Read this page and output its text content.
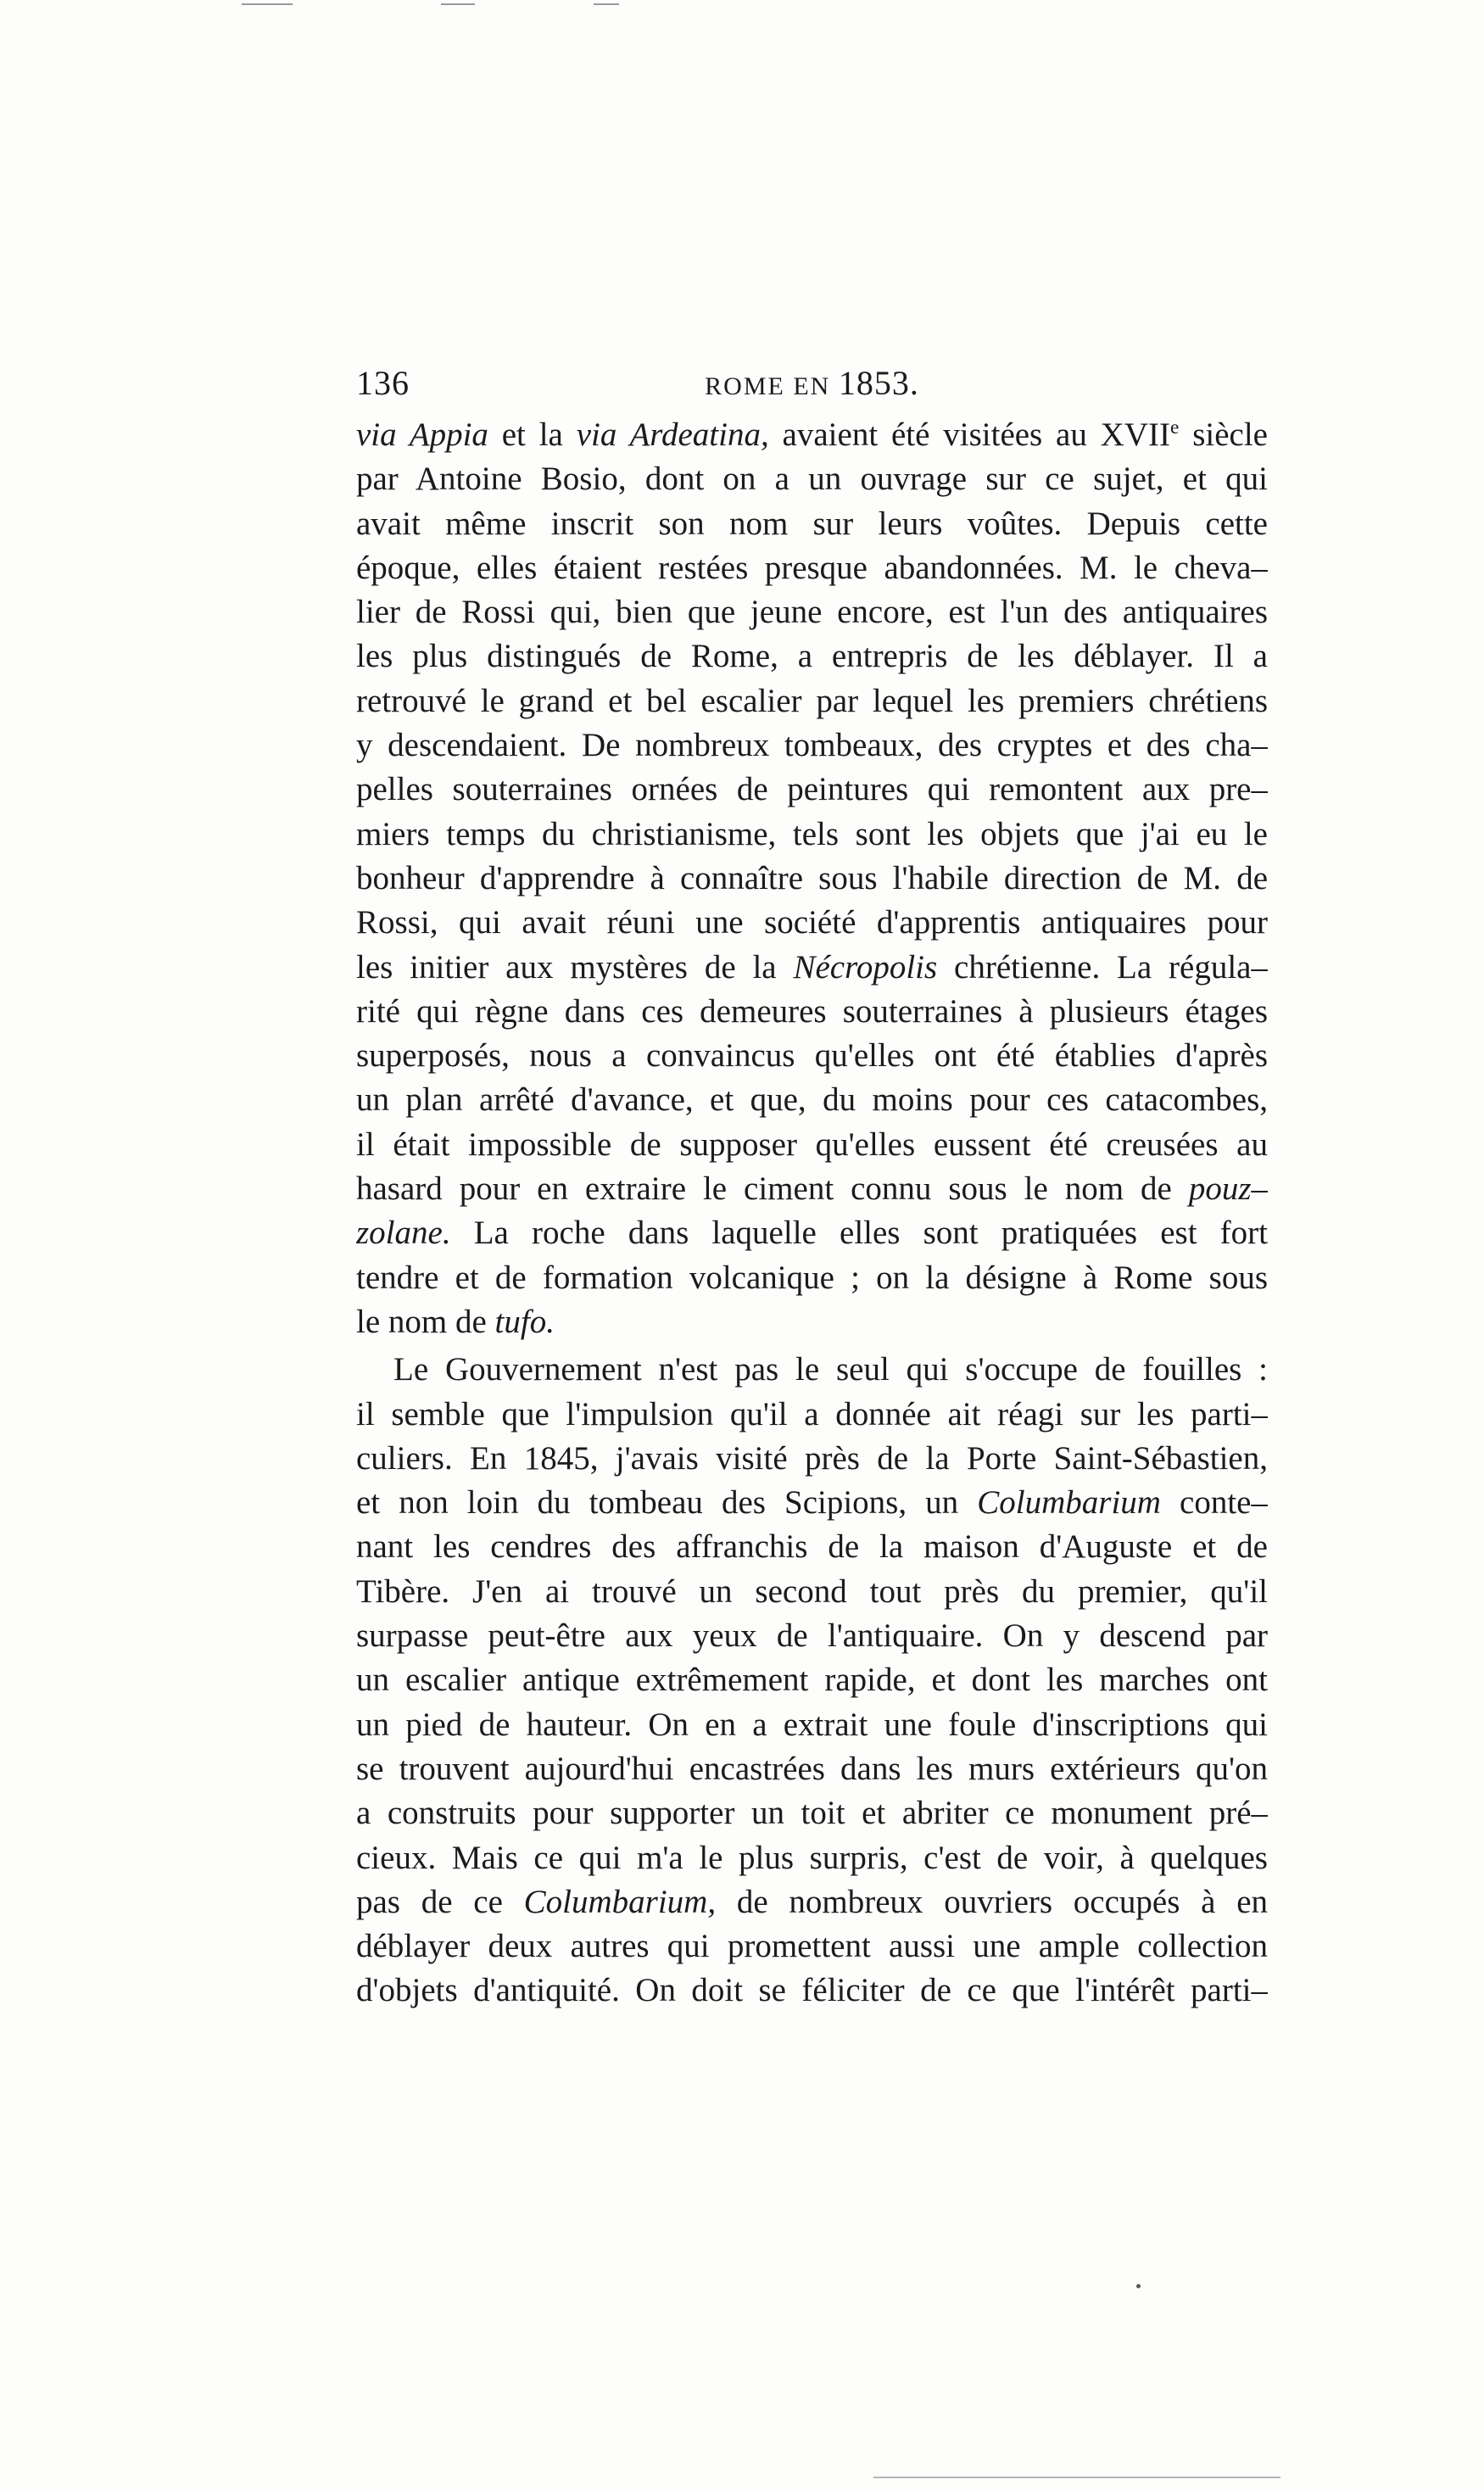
136	ROME EN 1853.
via Appia et la via Ardeatina, avaient été visitées au XVIIe siècle
par Antoine Bosio, dont on a un ouvrage sur ce sujet, et qui
avait même inscrit son nom sur leurs voûtes. Depuis cette
époque, elles étaient restées presque abandonnées. M. le cheva–
lier de Rossi qui, bien que jeune encore, est l'un des antiquaires
les plus distingués de Rome, a entrepris de les déblayer. Il a
retrouvé le grand et bel escalier par lequel les premiers chrétiens
y descendaient. De nombreux tombeaux, des cryptes et des cha–
pelles souterraines ornées de peintures qui remontent aux pre–
miers temps du christianisme, tels sont les objets que j'ai eu le
bonheur d'apprendre à connaître sous l'habile direction de M. de
Rossi, qui avait réuni une société d'apprentis antiquaires pour
les initier aux mystères de la Nécropolis chrétienne. La régula–
rité qui règne dans ces demeures souterraines à plusieurs étages
superposés, nous a convaincus qu'elles ont été établies d'après
un plan arrêté d'avance, et que, du moins pour ces catacombes,
il était impossible de supposer qu'elles eussent été creusées au
hasard pour en extraire le ciment connu sous le nom de pouz–
zolane. La roche dans laquelle elles sont pratiquées est fort
tendre et de formation volcanique ; on la désigne à Rome sous
le nom de tufo.
Le Gouvernement n'est pas le seul qui s'occupe de fouilles :
il semble que l'impulsion qu'il a donnée ait réagi sur les parti–
culiers. En 1845, j'avais visité près de la Porte Saint-Sébastien,
et non loin du tombeau des Scipions, un Columbarium conte–
nant les cendres des affranchis de la maison d'Auguste et de
Tibère. J'en ai trouvé un second tout près du premier, qu'il
surpasse peut-être aux yeux de l'antiquaire. On y descend par
un escalier antique extrêmement rapide, et dont les marches ont
un pied de hauteur. On en a extrait une foule d'inscriptions qui
se trouvent aujourd'hui encastrées dans les murs extérieurs qu'on
a construits pour supporter un toit et abriter ce monument pré–
cieux. Mais ce qui m'a le plus surpris, c'est de voir, à quelques
pas de ce Columbarium, de nombreux ouvriers occupés à en
déblayer deux autres qui promettent aussi une ample collection
d'objets d'antiquité. On doit se féliciter de ce que l'intérêt parti–
